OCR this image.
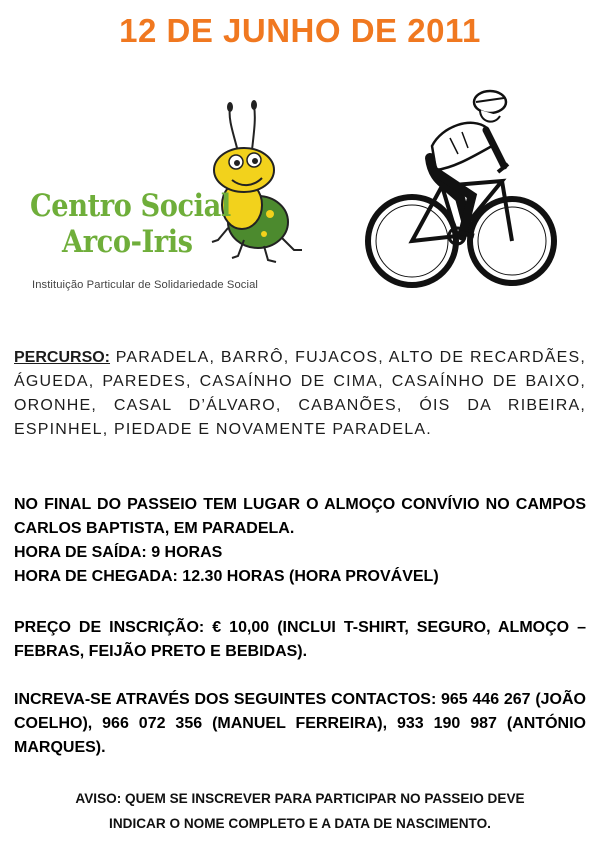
12 DE JUNHO DE 2011
Centro Social
Arco-Iris
Instituição Particular de Solidariedade Social
PERCURSO: PARADELA, BARRÔ, FUJACOS, ALTO DE RECARDÃES, ÁGUEDA, PAREDES, CASAÍNHO DE CIMA, CASAÍNHO DE BAIXO, ORONHE, CASAL D’ÁLVARO, CABANÕES, ÓIS DA RIBEIRA, ESPINHEL, PIEDADE E NOVAMENTE PARADELA.
NO FINAL DO PASSEIO TEM LUGAR O ALMOÇO CONVÍVIO NO CAMPOS CARLOS BAPTISTA, EM PARADELA.
HORA DE SAÍDA: 9 HORAS
HORA DE CHEGADA: 12.30 HORAS (HORA PROVÁVEL)
PREÇO DE INSCRIÇÃO: € 10,00 (INCLUI T-SHIRT, SEGURO, ALMOÇO – FEBRAS, FEIJÃO PRETO E BEBIDAS).
INCREVA-SE ATRAVÉS DOS SEGUINTES CONTACTOS: 965 446 267 (JOÃO COELHO), 966 072 356 (MANUEL FERREIRA), 933 190 987 (ANTÓNIO MARQUES).
AVISO: QUEM SE INSCREVER PARA PARTICIPAR NO PASSEIO DEVE
INDICAR O NOME COMPLETO E A DATA DE NASCIMENTO.
